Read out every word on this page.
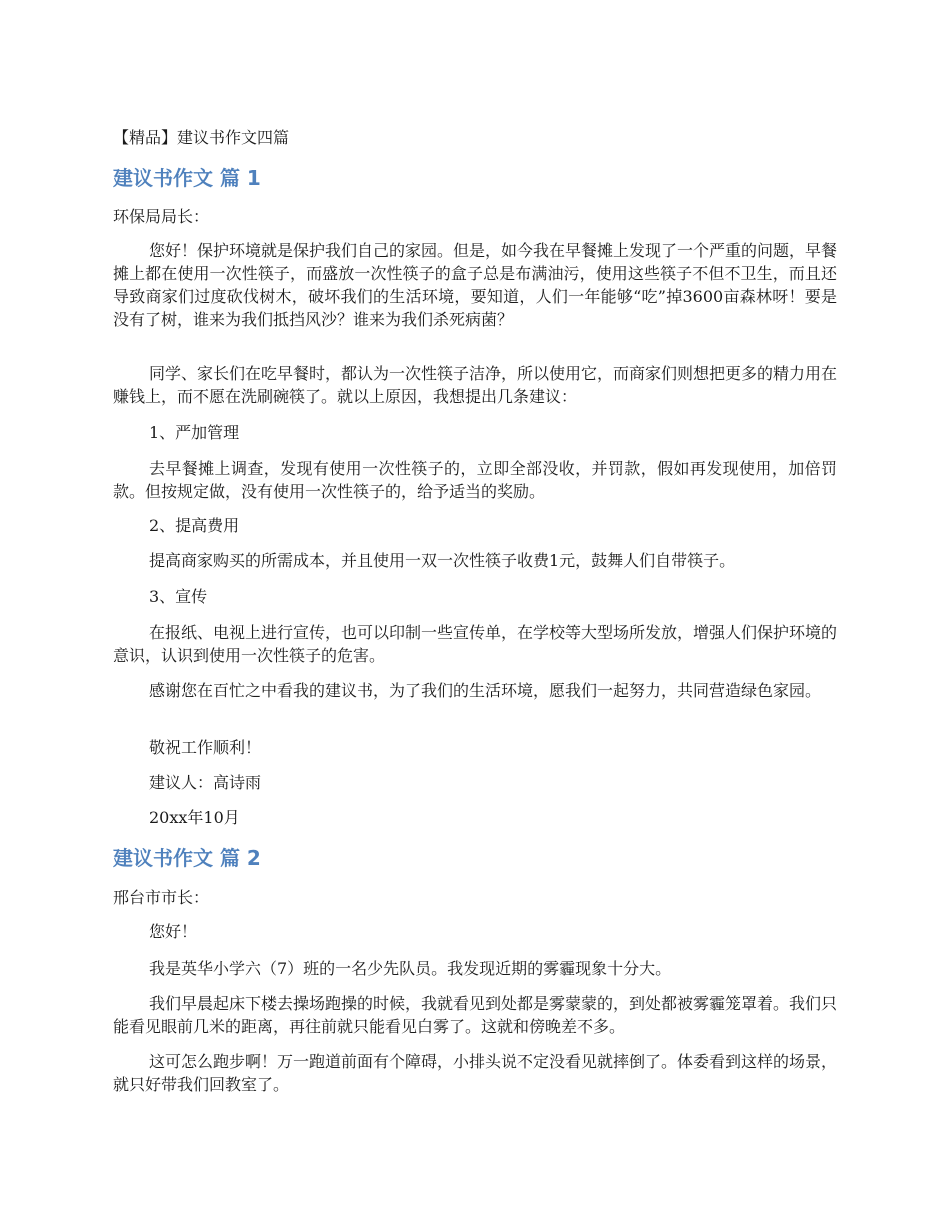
【精品】建议书作文四篇

建议书作文 篇 1

环保局局长：

您好！保护环境就是保护我们自己的家园。但是，如今我在早餐摊上发现了一个严重的问题，早餐摊上都在使用一次性筷子，而盛放一次性筷子的盒子总是布满油污，使用这些筷子不但不卫生，而且还导致商家们过度砍伐树木，破坏我们的生活环境，要知道，人们一年能够“吃”掉3600亩森林呀！要是没有了树，谁来为我们抵挡风沙？谁来为我们杀死病菌？

同学、家长们在吃早餐时，都认为一次性筷子洁净，所以使用它，而商家们则想把更多的精力用在赚钱上，而不愿在洗刷碗筷了。就以上原因，我想提出几条建议：

1、严加管理

去早餐摊上调查，发现有使用一次性筷子的，立即全部没收，并罚款，假如再发现使用，加倍罚款。但按规定做，没有使用一次性筷子的，给予适当的奖励。

2、提高费用

提高商家购买的所需成本，并且使用一双一次性筷子收费1元，鼓舞人们自带筷子。

3、宣传

在报纸、电视上进行宣传，也可以印制一些宣传单，在学校等大型场所发放，增强人们保护环境的意识，认识到使用一次性筷子的危害。

感谢您在百忙之中看我的建议书，为了我们的生活环境，愿我们一起努力，共同营造绿色家园。

敬祝工作顺利！

建议人：高诗雨

20xx年10月

建议书作文 篇 2

邢台市市长：

您好！

我是英华小学六（7）班的一名少先队员。我发现近期的雾霾现象十分大。

我们早晨起床下楼去操场跑操的时候，我就看见到处都是雾蒙蒙的，到处都被雾霾笼罩着。我们只能看见眼前几米的距离，再往前就只能看见白雾了。这就和傍晚差不多。

这可怎么跑步啊！万一跑道前面有个障碍，小排头说不定没看见就摔倒了。体委看到这样的场景，就只好带我们回教室了。
